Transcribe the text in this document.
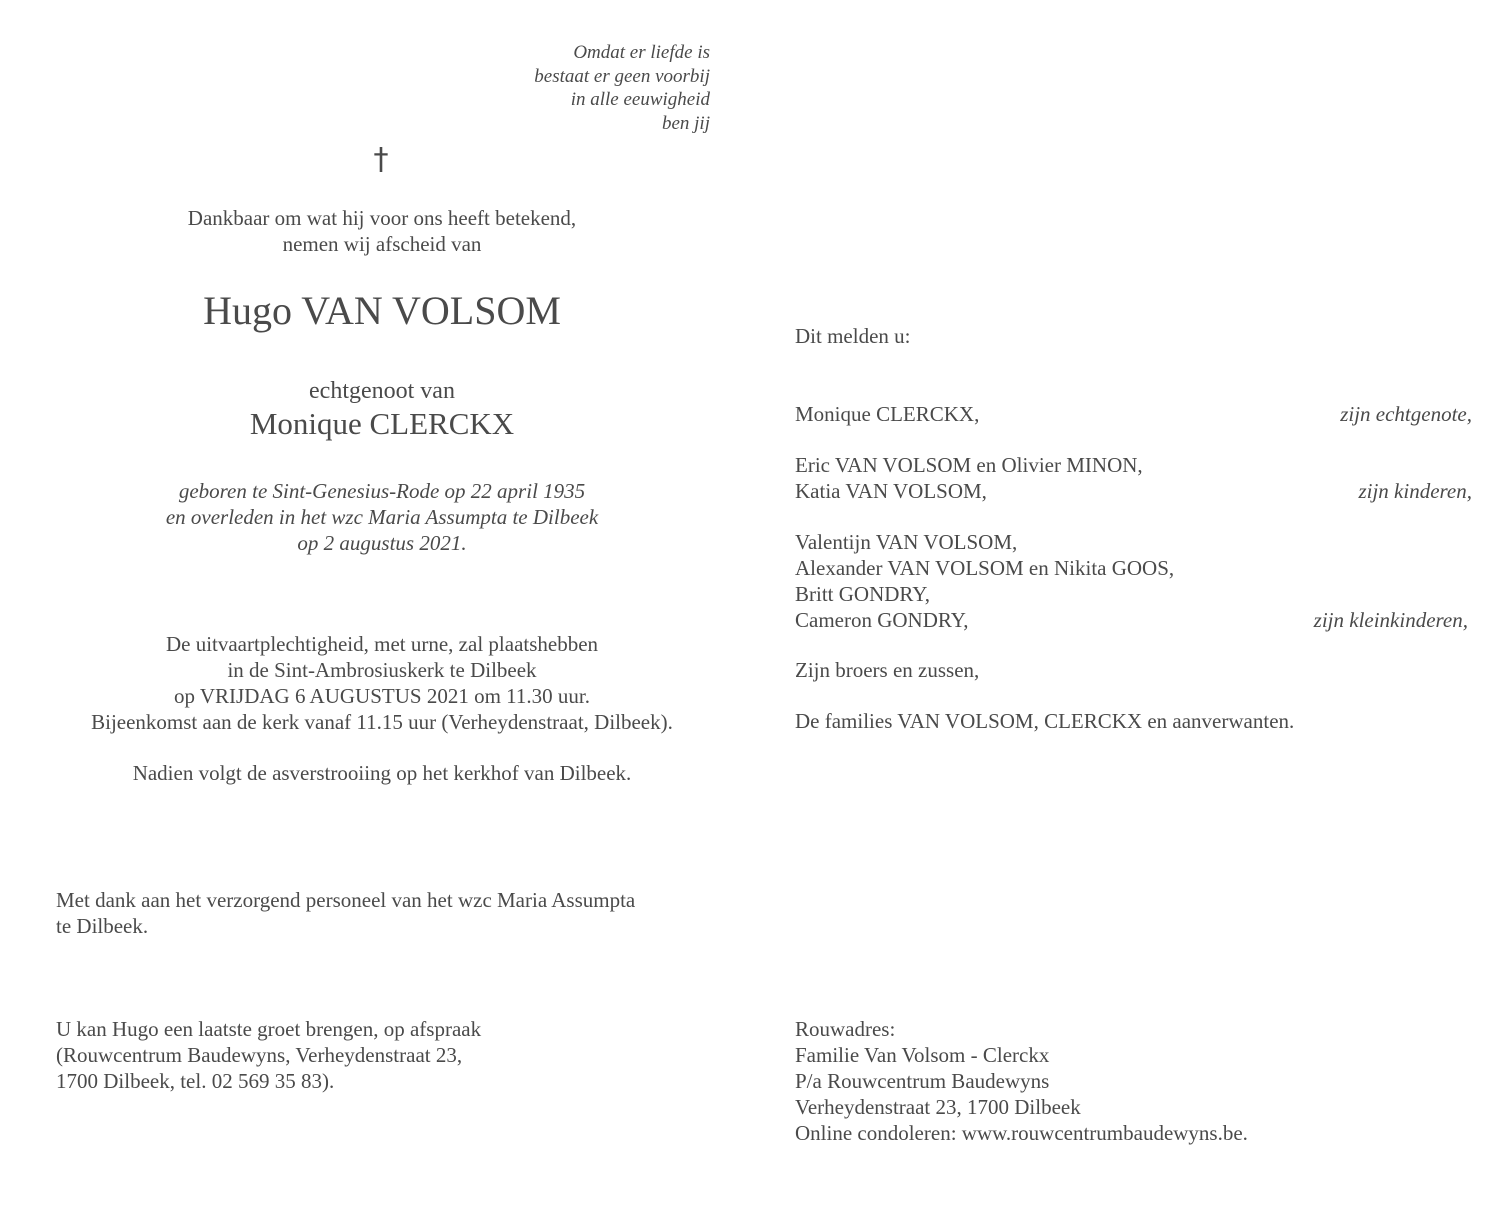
Omdat er liefde is
bestaat er geen voorbij
in alle eeuwigheid
ben jij
†
Dankbaar om wat hij voor ons heeft betekend,
nemen wij afscheid van
Hugo VAN VOLSOM
echtgenoot van
Monique CLERCKX
geboren te Sint-Genesius-Rode op 22 april 1935
en overleden in het wzc Maria Assumpta te Dilbeek
op 2 augustus 2021.
De uitvaartplechtigheid, met urne, zal plaatshebben
in de Sint-Ambrosiuskerk te Dilbeek
op VRIJDAG 6 AUGUSTUS 2021 om 11.30 uur.
Bijeenkomst aan de kerk vanaf 11.15 uur (Verheydenstraat, Dilbeek).
Nadien volgt de asverstrooiing op het kerkhof van Dilbeek.
Met dank aan het verzorgend personeel van het wzc Maria Assumpta
te Dilbeek.
U kan Hugo een laatste groet brengen, op afspraak
(Rouwcentrum Baudewyns, Verheydenstraat 23,
1700 Dilbeek, tel. 02 569 35 83).
Dit melden u:
Monique CLERCKX,	zijn echtgenote,
Eric VAN VOLSOM en Olivier MINON,
Katia VAN VOLSOM,	zijn kinderen,
Valentijn VAN VOLSOM,
Alexander VAN VOLSOM en Nikita GOOS,
Britt GONDRY,
Cameron GONDRY,	zijn kleinkinderen,
Zijn broers en zussen,
De families VAN VOLSOM, CLERCKX en aanverwanten.
Rouwadres:
Familie Van Volsom - Clerckx
P/a Rouwcentrum Baudewyns
Verheydenstraat 23, 1700 Dilbeek
Online condoleren: www.rouwcentrumbaudewyns.be.
